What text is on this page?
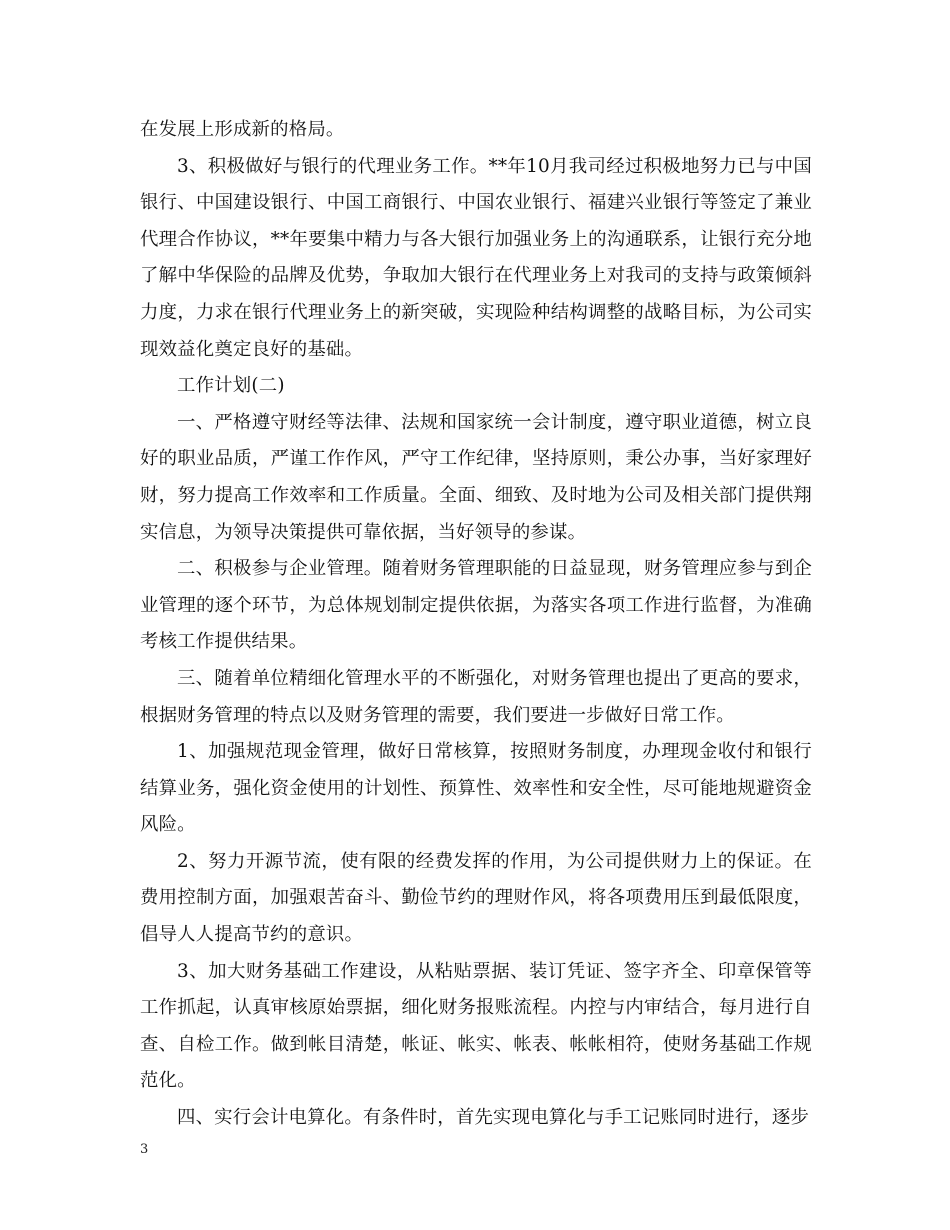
在发展上形成新的格局。

3、积极做好与银行的代理业务工作。**年10月我司经过积极地努力已与中国银行、中国建设银行、中国工商银行、中国农业银行、福建兴业银行等签定了兼业代理合作协议，**年要集中精力与各大银行加强业务上的沟通联系，让银行充分地了解中华保险的品牌及优势，争取加大银行在代理业务上对我司的支持与政策倾斜力度，力求在银行代理业务上的新突破，实现险种结构调整的战略目标，为公司实现效益化奠定良好的基础。

工作计划(二)

一、严格遵守财经等法律、法规和国家统一会计制度，遵守职业道德，树立良好的职业品质，严谨工作作风，严守工作纪律，坚持原则，秉公办事，当好家理好财，努力提高工作效率和工作质量。全面、细致、及时地为公司及相关部门提供翔实信息，为领导决策提供可靠依据，当好领导的参谋。

二、积极参与企业管理。随着财务管理职能的日益显现，财务管理应参与到企业管理的逐个环节，为总体规划制定提供依据，为落实各项工作进行监督，为准确考核工作提供结果。

三、随着单位精细化管理水平的不断强化，对财务管理也提出了更高的要求，根据财务管理的特点以及财务管理的需要，我们要进一步做好日常工作。

1、加强规范现金管理，做好日常核算，按照财务制度，办理现金收付和银行结算业务，强化资金使用的计划性、预算性、效率性和安全性，尽可能地规避资金风险。

2、努力开源节流，使有限的经费发挥的作用，为公司提供财力上的保证。在费用控制方面，加强艰苦奋斗、勤俭节约的理财作风，将各项费用压到最低限度，倡导人人提高节约的意识。

3、加大财务基础工作建设，从粘贴票据、装订凭证、签字齐全、印章保管等工作抓起，认真审核原始票据，细化财务报账流程。内控与内审结合，每月进行自查、自检工作。做到帐目清楚，帐证、帐实、帐表、帐帐相符，使财务基础工作规范化。

四、实行会计电算化。有条件时，首先实现电算化与手工记账同时进行，逐步

3
